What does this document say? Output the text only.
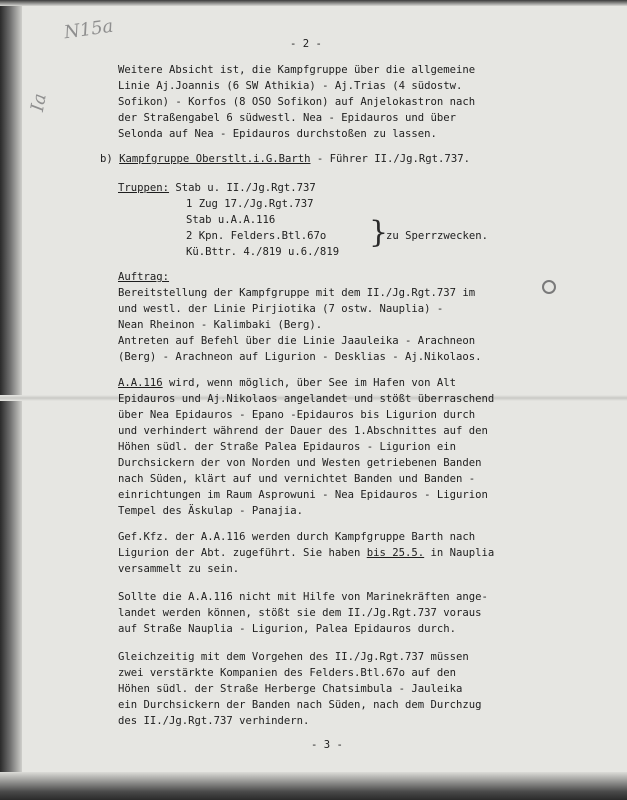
N15a
Ia
- 2 -
Weitere Absicht ist, die Kampfgruppe über die allgemeine
Linie Aj.Joannis (6 SW Athikia) - Aj.Trias (4 südostw.
Sofikon) - Korfos (8 OSO Sofikon) auf Anjelokastron nach
der Straßengabel 6 südwestl. Nea - Epidauros und über
Selonda auf Nea - Epidauros durchstoßen zu lassen.
b) Kampfgruppe Oberstlt.i.G.Barth - Führer II./Jg.Rgt.737.
Truppen: Stab u. II./Jg.Rgt.737
1 Zug 17./Jg.Rgt.737
Stab u.A.A.116
2 Kpn. Felders.Btl.67o
Kü.Bttr. 4./819 u.6./819
}
zu Sperrzwecken.
Auftrag:
Bereitstellung der Kampfgruppe mit dem II./Jg.Rgt.737 im
und westl. der Linie Pirjiotika (7 ostw. Nauplia) -
Nean Rheinon - Kalimbaki (Berg).
Antreten auf Befehl über die Linie Jaauleika - Arachneon
(Berg) - Arachneon auf Ligurion - Desklias - Aj.Nikolaos.
A.A.116 wird, wenn möglich, über See im Hafen von Alt
Epidauros und Aj.Nikolaos angelandet und stößt überraschend
über Nea Epidauros - Epano -Epidauros bis Ligurion durch
und verhindert während der Dauer des 1.Abschnittes auf den
Höhen südl. der Straße Palea Epidauros - Ligurion ein
Durchsickern der von Norden und Westen getriebenen Banden
nach Süden, klärt auf und vernichtet Banden und Banden -
einrichtungen im Raum Asprowuni - Nea Epidauros - Ligurion
Tempel des Äskulap - Panajia.
Gef.Kfz. der A.A.116 werden durch Kampfgruppe Barth nach
Ligurion der Abt. zugeführt. Sie haben bis 25.5. in Nauplia
versammelt zu sein.
Sollte die A.A.116 nicht mit Hilfe von Marinekräften ange-
landet werden können, stößt sie dem II./Jg.Rgt.737 voraus
auf Straße Nauplia - Ligurion, Palea Epidauros durch.
Gleichzeitig mit dem Vorgehen des II./Jg.Rgt.737 müssen
zwei verstärkte Kompanien des Felders.Btl.67o auf den
Höhen südl. der Straße Herberge Chatsimbula - Jauleika
ein Durchsickern der Banden nach Süden, nach dem Durchzug
des II./Jg.Rgt.737 verhindern.
- 3 -
